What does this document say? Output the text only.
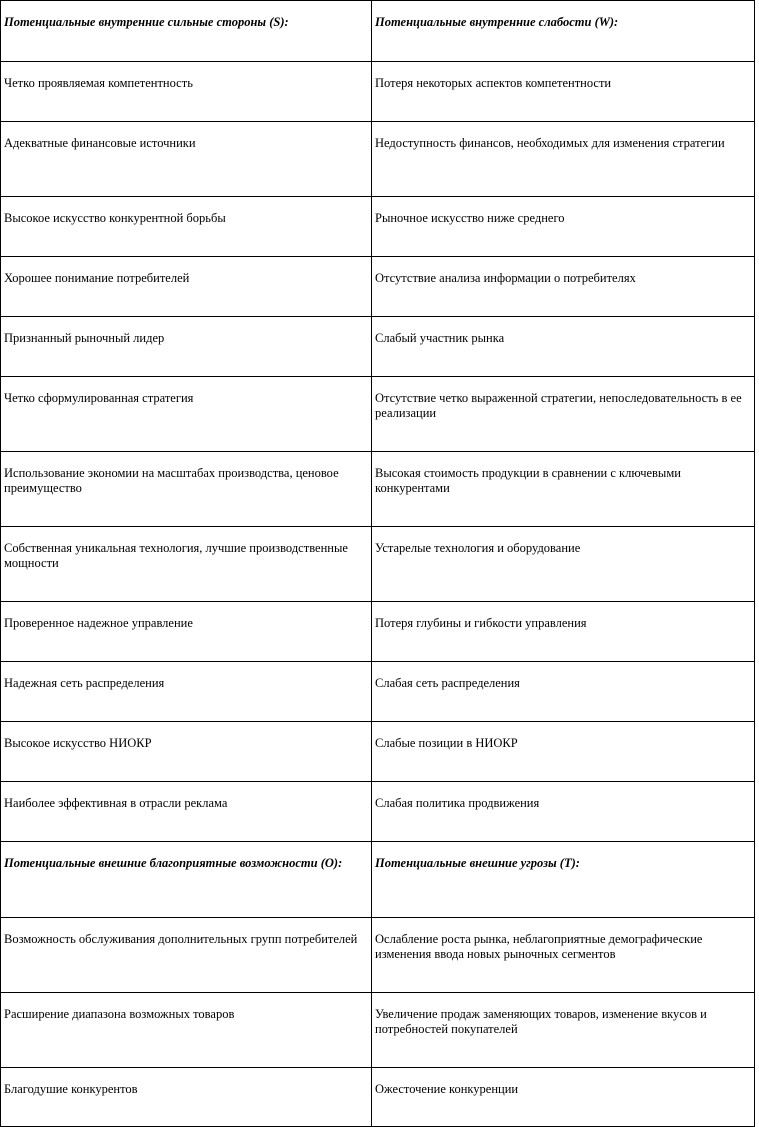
Потенциальные внутренние сильные стороны (S):	Потенциальные внутренние слабости (W):
Четко проявляемая компетентность	Потеря некоторых аспектов компетентности
Адекватные финансовые источники	Недоступность финансов, необходимых для изменения стратегии
Высокое искусство конкурентной борьбы	Рыночное искусство ниже среднего
Хорошее понимание потребителей	Отсутствие анализа информации о потребителях
Признанный рыночный лидер	Слабый участник рынка
Четко сформулированная стратегия	Отсутствие четко выраженной стратегии, непоследовательность в ее реализации
Использование экономии на масштабах производства, ценовое преимущество	Высокая стоимость продукции в сравнении с ключевыми конкурентами
Собственная уникальная технология, лучшие производственные мощности	Устарелые технология и оборудование
Проверенное надежное управление	Потеря глубины и гибкости управления
Надежная сеть распределения	Слабая сеть распределения
Высокое искусство НИОКР	Слабые позиции в НИОКР
Наиболее эффективная в отрасли реклама	Слабая политика продвижения
Потенциальные внешние благоприятные возможности (O):	Потенциальные внешние угрозы (T):
Возможность обслуживания дополнительных групп потребителей	Ослабление роста рынка, неблагоприятные демографические изменения ввода новых рыночных сегментов
Расширение диапазона возможных товаров	Увеличение продаж заменяющих товаров, изменение вкусов и потребностей покупателей
Благодушие конкурентов	Ожесточение конкуренции
